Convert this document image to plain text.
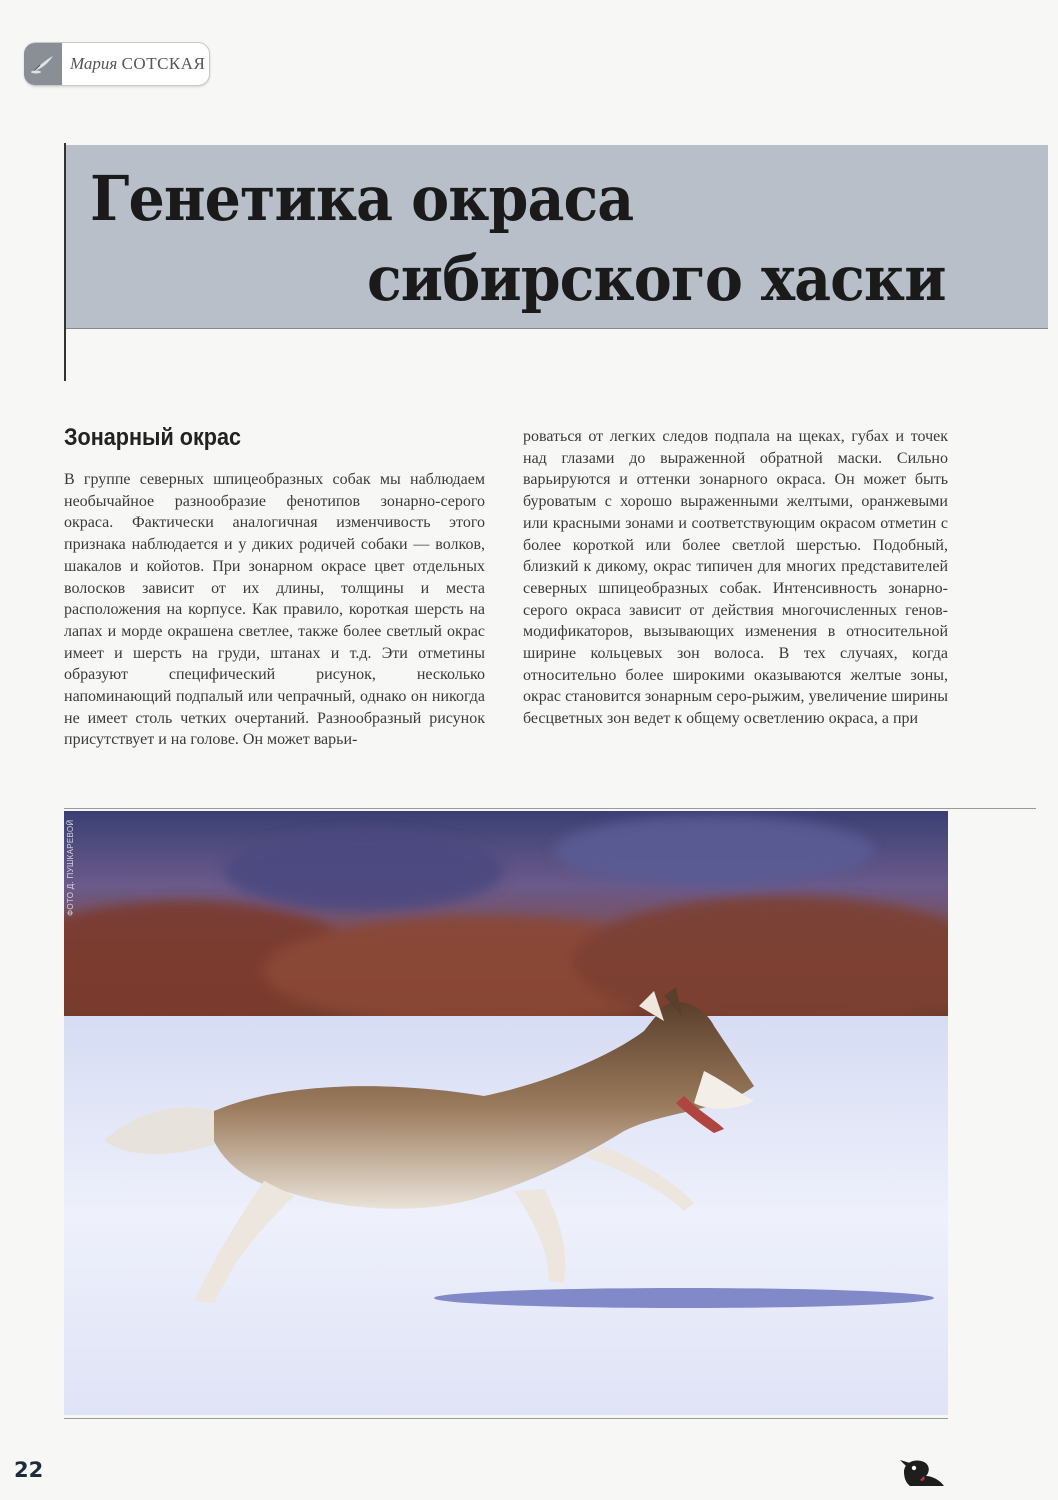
Мария СОТСКАЯ
Генетика окраса
сибирского хаски
Зонарный окрас

В группе северных шпицеобразных собак мы наблюдаем необычайное разнообразие фенотипов зонарно-серого окраса. Фактически аналогичная изменчивость этого признака наблюдается и у диких родичей собаки — волков, шакалов и койотов. При зонарном окрасе цвет отдельных волосков зависит от их длины, толщины и места расположения на корпусе. Как правило, короткая шерсть на лапах и морде окрашена светлее, также более светлый окрас имеет и шерсть на груди, штанах и т.д. Эти отметины образуют специфический рисунок, несколько напоминающий подпалый или чепрачный, однако он никогда не имеет столь четких очертаний. Разнообразный рисунок присутствует и на голове. Он может варьи-

роваться от легких следов подпала на щеках, губах и точек над глазами до выраженной обратной маски. Сильно варьируются и оттенки зонарного окраса. Он может быть буроватым с хорошо выраженными желтыми, оранжевыми или красными зонами и соответствующим окрасом отметин с более короткой или более светлой шерстью. Подобный, близкий к дикому, окрас типичен для многих представителей северных шпицеобразных собак. Интенсивность зонарно-серого окраса зависит от действия многочисленных генов-модификаторов, вызывающих изменения в относительной ширине кольцевых зон волоса. В тех случаях, когда относительно более широкими оказываются желтые зоны, окрас становится зонарным серо-рыжим, увеличение ширины бесцветных зон ведет к общему осветлению окраса, а при

ФОТО Д. ПУШКАРЕВОЙ
22
